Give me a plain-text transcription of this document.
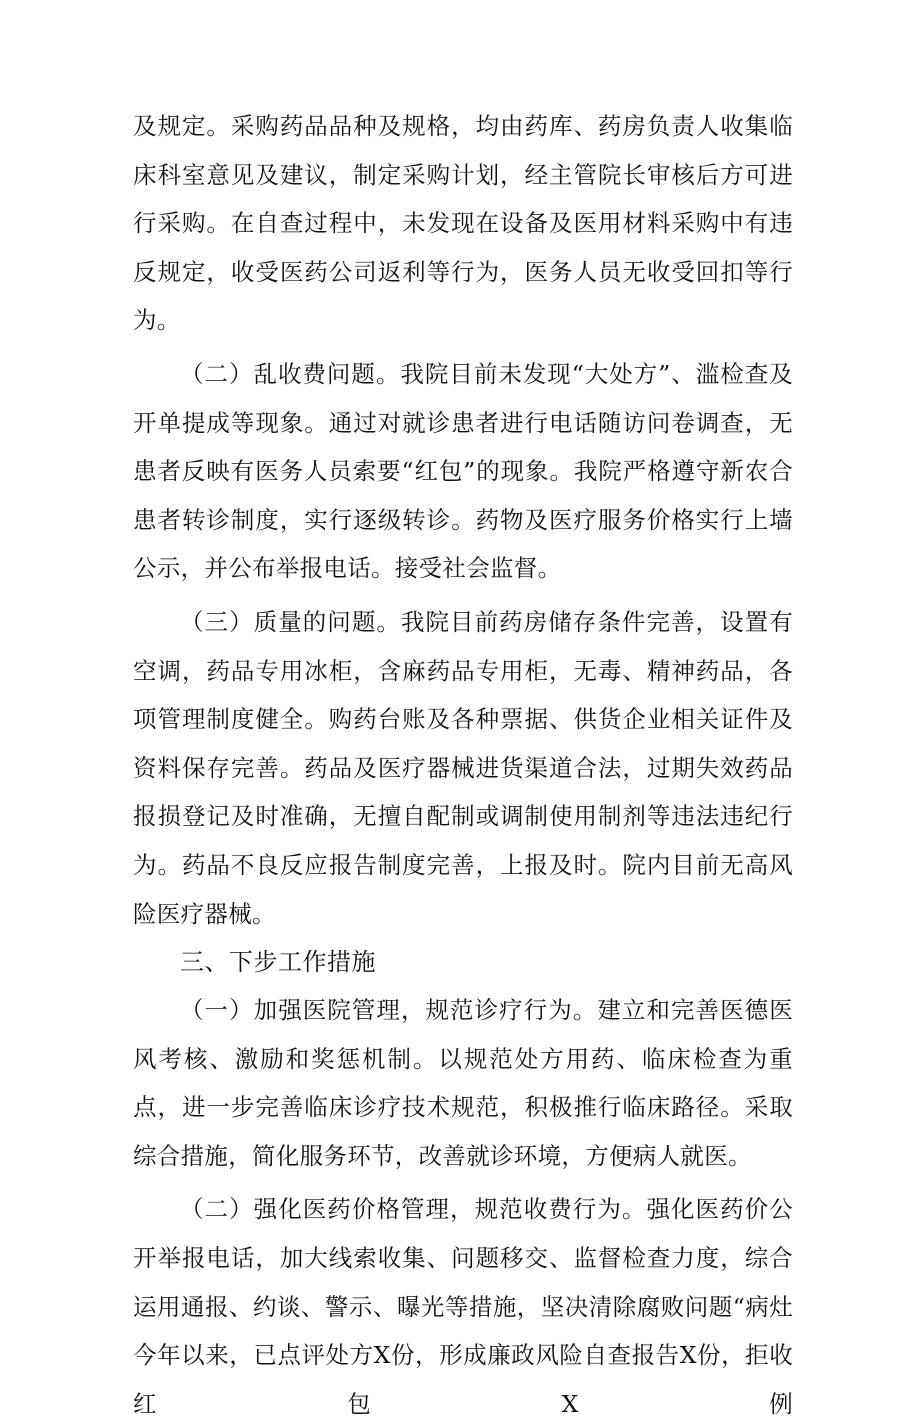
及规定。采购药品品种及规格，均由药库、药房负责人收集临床科室意见及建议，制定采购计划，经主管院长审核后方可进行采购。在自查过程中，未发现在设备及医用材料采购中有违反规定，收受医药公司返利等行为，医务人员无收受回扣等行为。

（二）乱收费问题。我院目前未发现“大处方”、滥检查及开单提成等现象。通过对就诊患者进行电话随访问卷调查，无患者反映有医务人员索要“红包”的现象。我院严格遵守新农合患者转诊制度，实行逐级转诊。药物及医疗服务价格实行上墙公示，并公布举报电话。接受社会监督。

（三）质量的问题。我院目前药房储存条件完善，设置有空调，药品专用冰柜，含麻药品专用柜，无毒、精神药品，各项管理制度健全。购药台账及各种票据、供货企业相关证件及资料保存完善。药品及医疗器械进货渠道合法，过期失效药品报损登记及时准确，无擅自配制或调制使用制剂等违法违纪行为。药品不良反应报告制度完善，上报及时。院内目前无高风险医疗器械。

三、下步工作措施

（一）加强医院管理，规范诊疗行为。建立和完善医德医风考核、激励和奖惩机制。以规范处方用药、临床检查为重点，进一步完善临床诊疗技术规范，积极推行临床路径。采取综合措施，简化服务环节，改善就诊环境，方便病人就医。

（二）强化医药价格管理，规范收费行为。强化医药价公开举报电话，加大线索收集、问题移交、监督检查力度，综合运用通报、约谈、警示、曝光等措施，坚决清除腐败问题“病灶今年以来，已点评处方X份，形成廉政风险自查报告X份，拒收红包X例
